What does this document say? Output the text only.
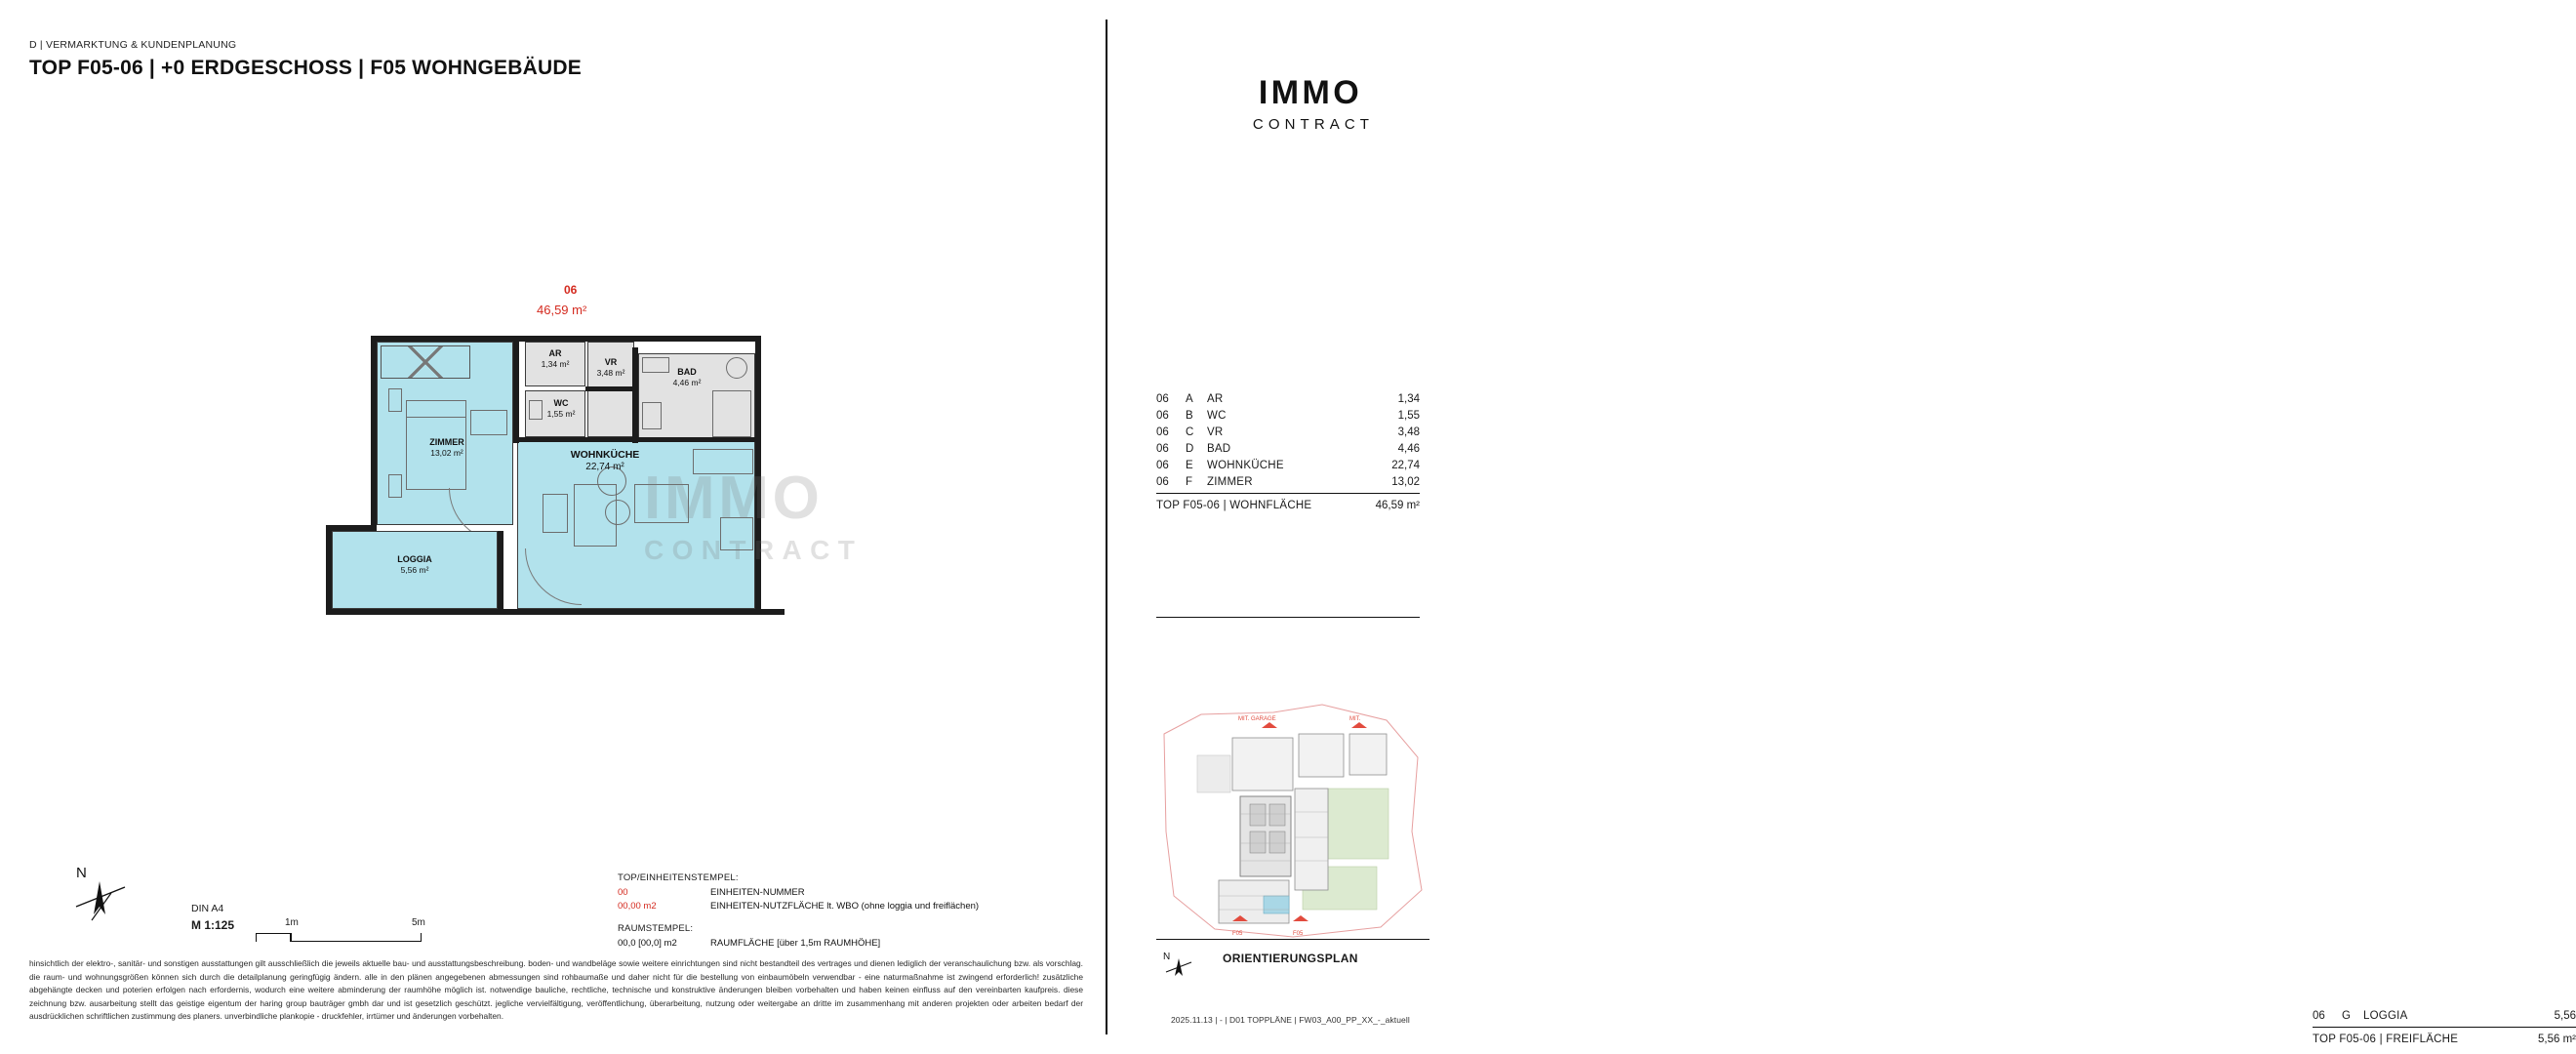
D | VERMARKTUNG & KUNDENPLANUNG
TOP F05-06 | +0 ERDGESCHOSS | F05 WOHNGEBÄUDE
IMMO
CONTRACT
06
46,59 m²
ZIMMER
13,02 m²
LOGGIA
5,56 m²
AR
1,34 m²	VR
3,48 m²
WC
1,55 m²
BAD
4,46 m²
WOHNKÜCHE
22,74 m² IMMO
CONTRACT
06	A	AR	1,34
06	B	WC	1,55
06	C	VR	3,48
06	D	BAD	4,46
06	E	WOHNKÜCHE	22,74
06	F	ZIMMER	13,02
TOP F05-06 | WOHNFLÄCHE	46,59 m²
06	G	LOGGIA	5,56
TOP F05-06 | FREIFLÄCHE	5,56 m²
MIT. GARAGE	MIT.
F05	F05
N	ORIENTIERUNGSPLAN
2025.11.13 | - | D01 TOPPLÄNE | FW03_A00_PP_XX_-_aktuell
N
DIN A4
M 1:125	1m	5m
TOP/EINHEITENSTEMPEL:
00	EINHEITEN-NUMMER
00,00 m2	EINHEITEN-NUTZFLÄCHE lt. WBO (ohne loggia und freiflächen)
RAUMSTEMPEL:
00,0 [00,0] m2	RAUMFLÄCHE [über 1,5m RAUMHÖHE]
hinsichtlich der elektro-, sanitär- und sonstigen ausstattungen gilt ausschließlich die jeweils aktuelle bau- und ausstattungsbeschreibung. boden- und wandbeläge sowie weitere einrichtungen sind nicht bestandteil des vertrages und dienen lediglich der veranschaulichung bzw. als vorschlag. die raum- und wohnungsgrößen können sich durch die detailplanung geringfügig ändern. alle in den plänen angegebenen abmessungen sind rohbaumaße und daher nicht für die bestellung von einbaumöbeln verwendbar - eine naturmaßnahme ist zwingend erforderlich! zusätzliche abgehängte decken und poterien erfolgen nach erfordernis, wodurch eine weitere abminderung der raumhöhe möglich ist. notwendige bauliche, rechtliche, technische und konstruktive änderungen bleiben vorbehalten und haben keinen einfluss auf den vereinbarten kaufpreis. diese zeichnung bzw. ausarbeitung stellt das geistige eigentum der haring group bauträger gmbh dar und ist gesetzlich geschützt. jegliche vervielfältigung, veröffentlichung, überarbeitung, nutzung oder weitergabe an dritte im zusammenhang mit anderen projekten oder arbeiten bedarf der ausdrücklichen schriftlichen zustimmung des planers. unverbindliche plankopie - druckfehler, irrtümer und änderungen vorbehalten.
